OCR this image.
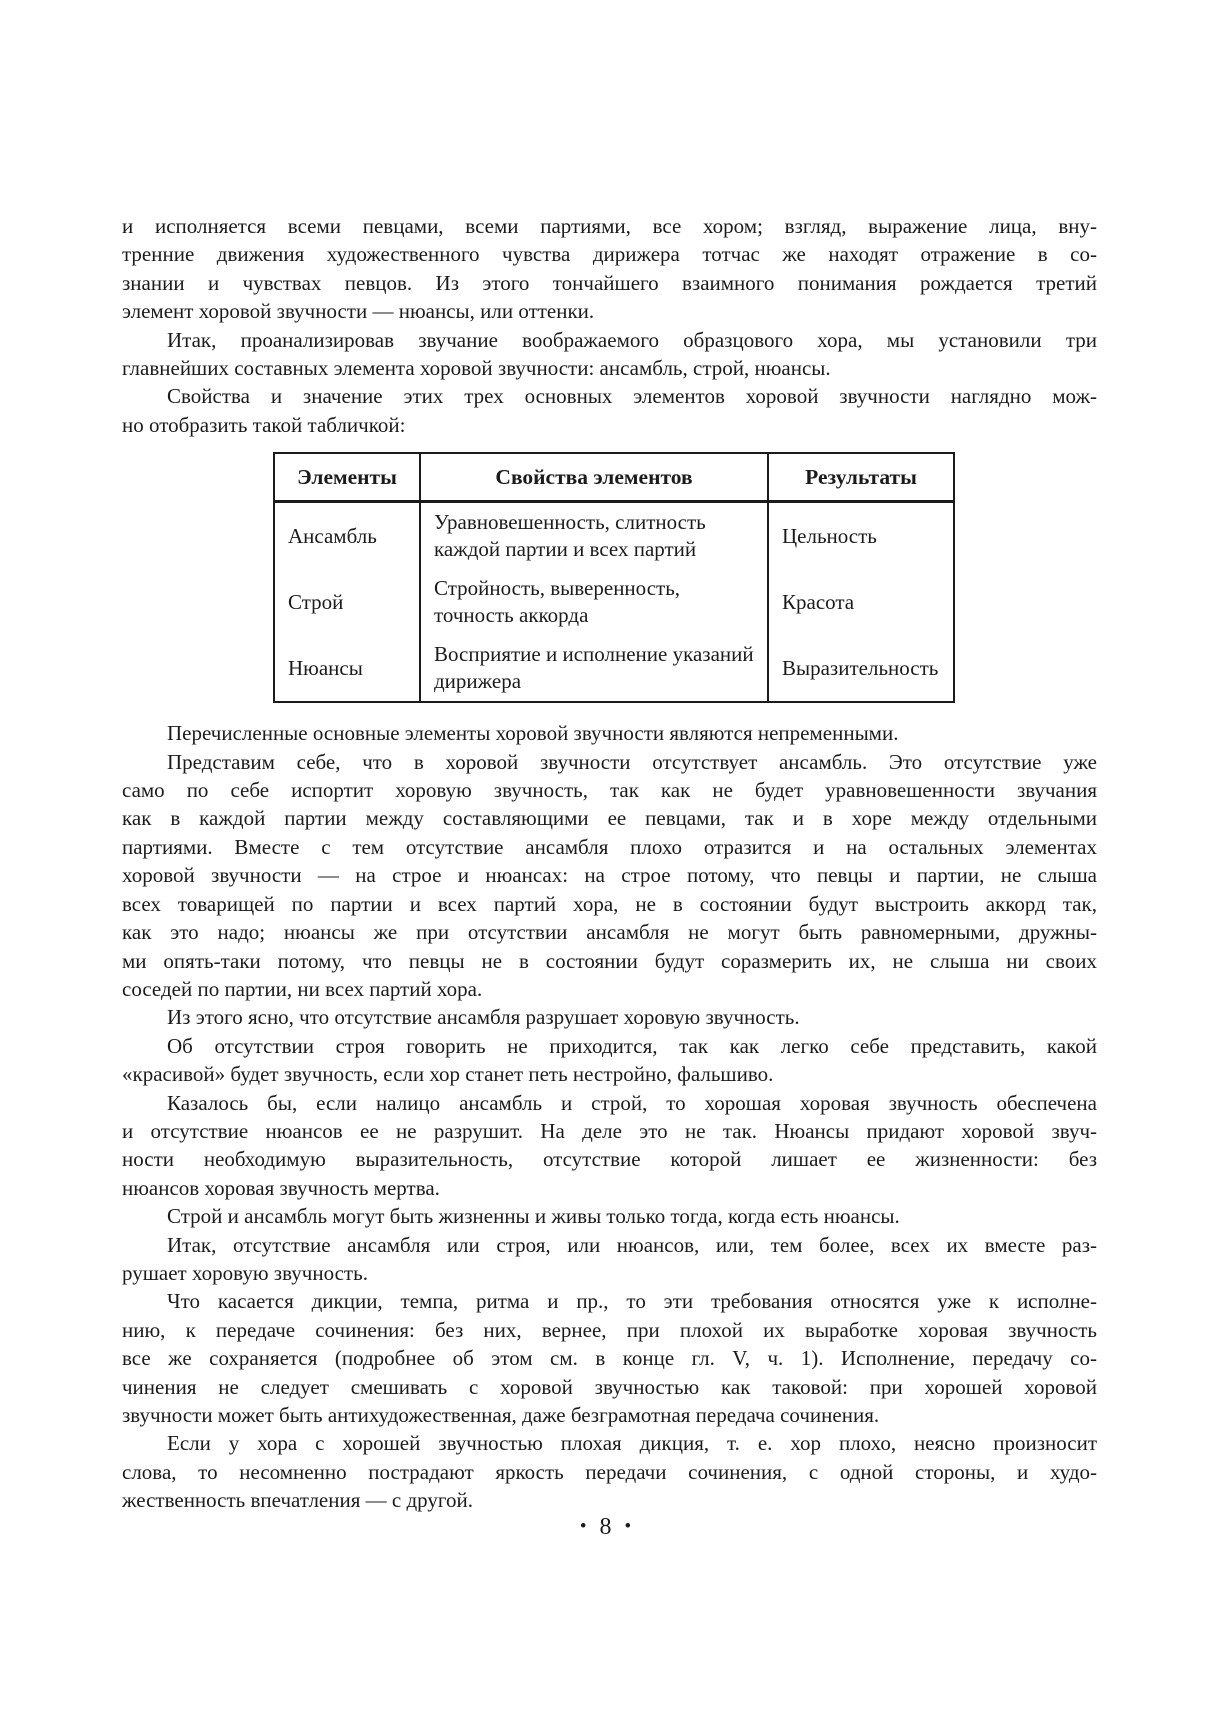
и исполняется всеми певцами, всеми партиями, все хором; взгляд, выражение лица, вну-
тренние движения художественного чувства дирижера тотчас же находят отражение в со-
знании и чувствах певцов. Из этого тончайшего взаимного понимания рождается третий
элемент хоровой звучности — нюансы, или оттенки.

Итак, проанализировав звучание воображаемого образцового хора, мы установили три
главнейших составных элемента хоровой звучности: ансамбль, строй, нюансы.

Свойства и значение этих трех основных элементов хоровой звучности наглядно мож-
но отобразить такой табличкой:

Элементы	Свойства элементов	Результаты
Ансамбль	Уравновешенность, слитность каждой партии и всех партий	Цельность
Строй	Стройность, выверенность, точность аккорда	Красота
Нюансы	Восприятие и исполнение указаний дирижера	Выразительность

Перечисленные основные элементы хоровой звучности являются непременными.

Представим себе, что в хоровой звучности отсутствует ансамбль. Это отсутствие уже
само по себе испортит хоровую звучность, так как не будет уравновешенности звучания
как в каждой партии между составляющими ее певцами, так и в хоре между отдельными
партиями. Вместе с тем отсутствие ансамбля плохо отразится и на остальных элементах
хоровой звучности — на строе и нюансах: на строе потому, что певцы и партии, не слыша
всех товарищей по партии и всех партий хора, не в состоянии будут выстроить аккорд так,
как это надо; нюансы же при отсутствии ансамбля не могут быть равномерными, дружны-
ми опять-таки потому, что певцы не в состоянии будут соразмерить их, не слыша ни своих
соседей по партии, ни всех партий хора.

Из этого ясно, что отсутствие ансамбля разрушает хоровую звучность.

Об отсутствии строя говорить не приходится, так как легко себе представить, какой
«красивой» будет звучность, если хор станет петь нестройно, фальшиво.

Казалось бы, если налицо ансамбль и строй, то хорошая хоровая звучность обеспечена
и отсутствие нюансов ее не разрушит. На деле это не так. Нюансы придают хоровой звуч-
ности необходимую выразительность, отсутствие которой лишает ее жизненности: без
нюансов хоровая звучность мертва.

Строй и ансамбль могут быть жизненны и живы только тогда, когда есть нюансы.

Итак, отсутствие ансамбля или строя, или нюансов, или, тем более, всех их вместе раз-
рушает хоровую звучность.

Что касается дикции, темпа, ритма и пр., то эти требования относятся уже к исполне-
нию, к передаче сочинения: без них, вернее, при плохой их выработке хоровая звучность
все же сохраняется (подробнее об этом см. в конце гл. V, ч. 1). Исполнение, передачу со-
чинения не следует смешивать с хоровой звучностью как таковой: при хорошей хоровой
звучности может быть антихудожественная, даже безграмотная передача сочинения.

Если у хора с хорошей звучностью плохая дикция, т. е. хор плохо, неясно произносит
слова, то несомненно пострадают яркость передачи сочинения, с одной стороны, и худо-
жественность впечатления — с другой.

• 8 •
